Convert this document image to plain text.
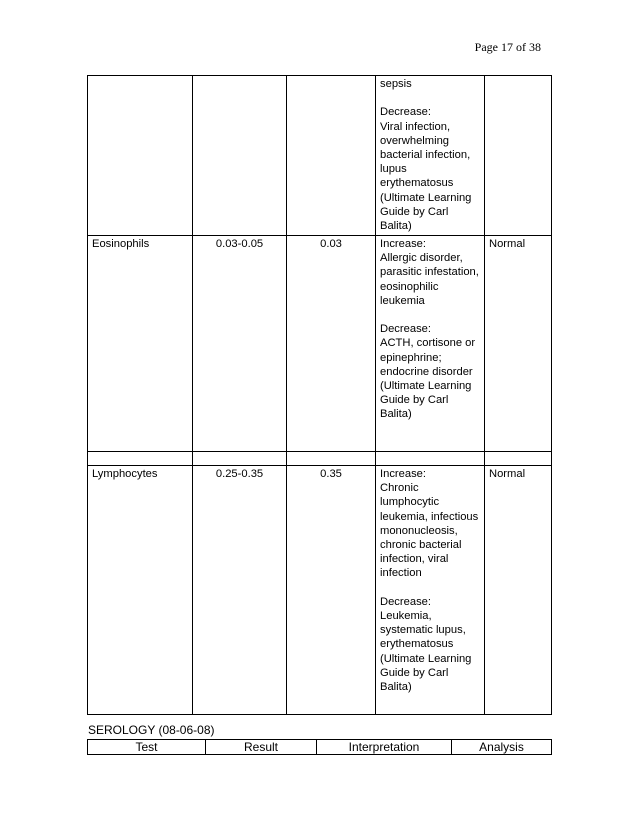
Page 17 of 38
			sepsis

Decrease:
Viral infection, overwhelming bacterial infection, lupus erythematosus (Ultimate Learning Guide by Carl Balita)	
Eosinophils	0.03-0.05	0.03	Increase:
Allergic disorder, parasitic infestation, eosinophilic leukemia

Decrease:
ACTH, cortisone or epinephrine; endocrine disorder (Ultimate Learning Guide by Carl Balita)	Normal

Lymphocytes	0.25-0.35	0.35	Increase:
Chronic lumphocytic leukemia, infectious mononucleosis, chronic bacterial infection, viral infection

Decrease:
Leukemia, systematic lupus, erythematosus (Ultimate Learning Guide by Carl Balita)	Normal
SEROLOGY (08-06-08)
Test	Result	Interpretation	Analysis
